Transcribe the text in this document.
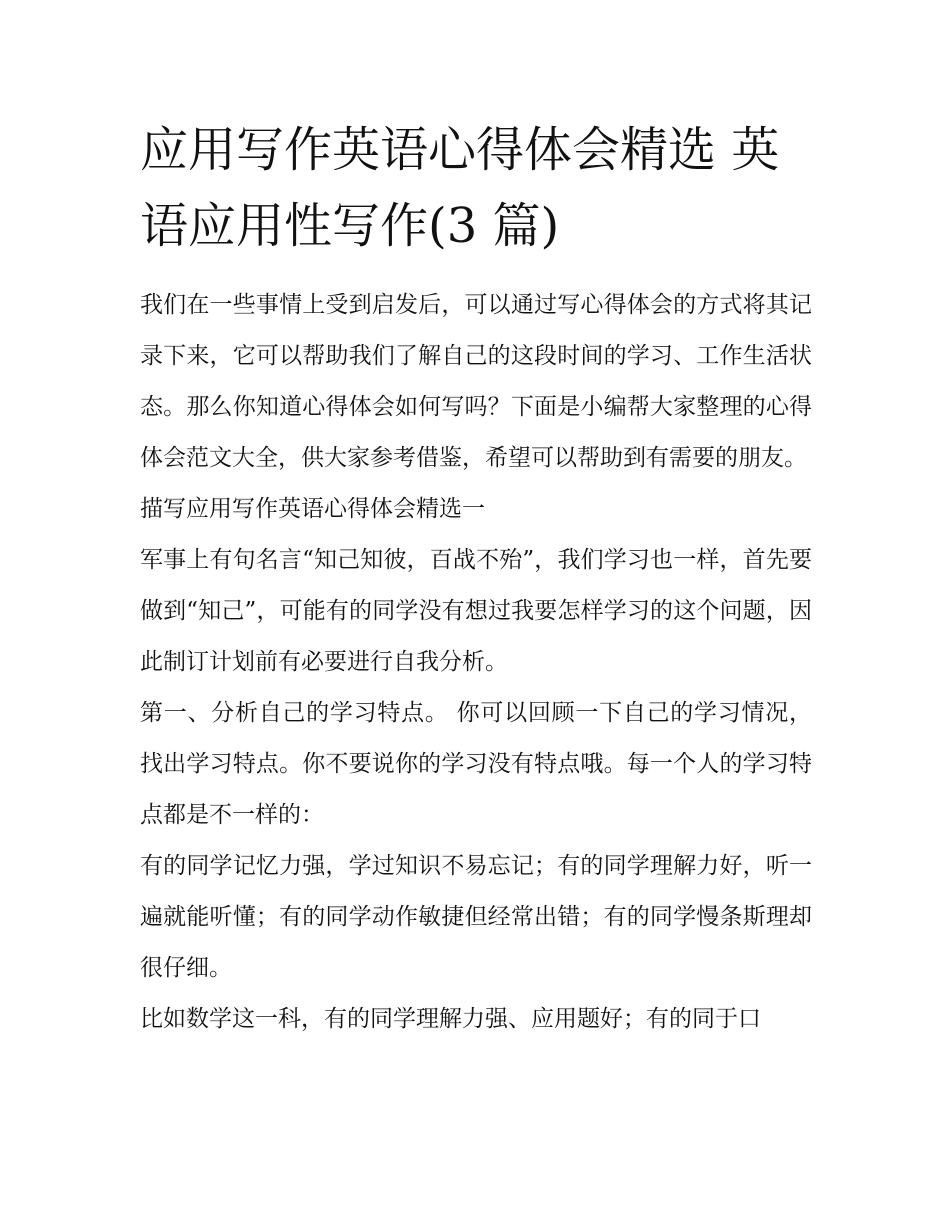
应用写作英语心得体会精选 英语应用性写作(3 篇)

我们在一些事情上受到启发后，可以通过写心得体会的方式将其记录下来，它可以帮助我们了解自己的这段时间的学习、工作生活状态。那么你知道心得体会如何写吗？下面是小编帮大家整理的心得体会范文大全，供大家参考借鉴，希望可以帮助到有需要的朋友。

描写应用写作英语心得体会精选一

军事上有句名言“知己知彼，百战不殆”，我们学习也一样，首先要做到“知己”，可能有的同学没有想过我要怎样学习的这个问题，因此制订计划前有必要进行自我分析。

第一、分析自己的学习特点。 你可以回顾一下自己的学习情况，找出学习特点。你不要说你的学习没有特点哦。每一个人的学习特点都是不一样的：

有的同学记忆力强，学过知识不易忘记；有的同学理解力好，听一遍就能听懂；有的同学动作敏捷但经常出错；有的同学慢条斯理却很仔细。

比如数学这一科，有的同学理解力强、应用题好；有的同于口
